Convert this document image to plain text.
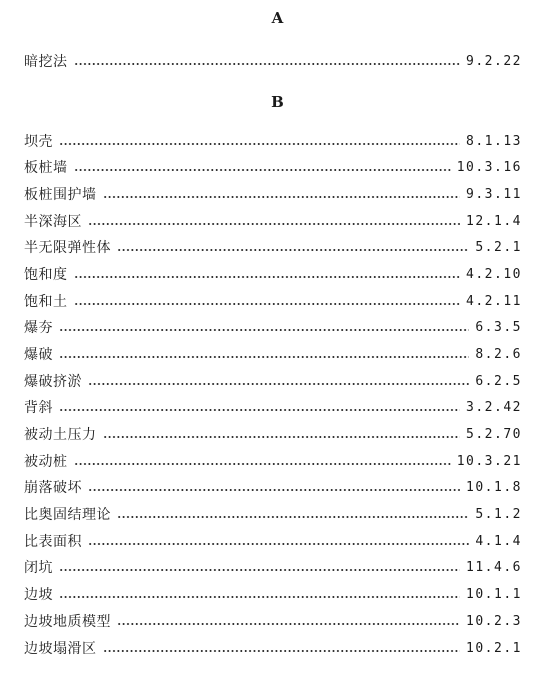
A
暗挖法	9.2.22
B
坝壳	8.1.13
板桩墙	10.3.16
板桩围护墙	9.3.11
半深海区	12.1.4
半无限弹性体	5.2.1
饱和度	4.2.10
饱和土	4.2.11
爆夯	6.3.5
爆破	8.2.6
爆破挤淤	6.2.5
背斜	3.2.42
被动土压力	5.2.70
被动桩	10.3.21
崩落破坏	10.1.8
比奥固结理论	5.1.2
比表面积	4.1.4
闭坑	11.4.6
边坡	10.1.1
边坡地质模型	10.2.3
边坡塌滑区	10.2.1
